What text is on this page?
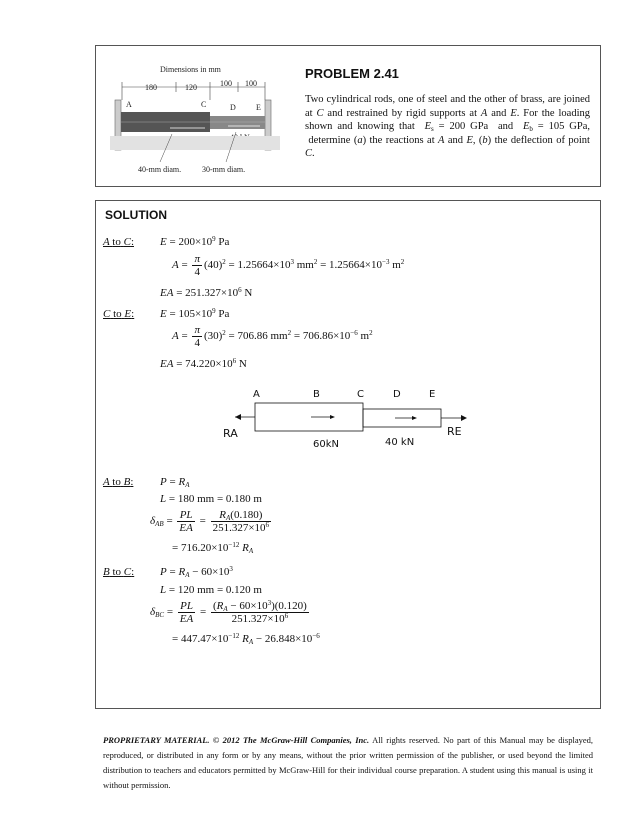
Dimensions in mm
180	120	100 100
A	C	D	E
40-mm diam.	30-mm diam.
PROBLEM 2.41
Two cylindrical rods, one of steel and the other of brass, are joined at C and restrained by rigid supports at A and E. For the loading shown and knowing that  $E_s = 200$ GPa  and  $E_b = 105$ GPa,  determine (a) the reactions at A and E, (b) the deflection of point C.
SOLUTION
A to C: $E = 200\times 10^9$ Pa
$A = \frac{\pi}{4} (40)^2 = 1.25664\times 10^3$ $mm^2 = 1.25664\times 10^{-3}$ $m^2$
EA = $251.327\times 10^6$ N
C to E: $E = 105\times 10^9$ Pa
$A = \frac{\pi}{4} (30)^2 = 706.86$ $mm^2 = 706.86\times 10^{-6}$ $m^2$
EA = $74.220\times 10^6$ N
A	B	C	D	E
RA	RE
60kN	40 kN
A to B: $P = R_A$
L = 180 mm = 0.180 m
$\delta_{AB} = \frac{PL}{EA} = \frac{R_A(0.180)}{251.327\times 10^6}$
= $716.20\times 10^{-12}$ $R_A$
B to C: $P = R_A - 60\times 10^3$
L = 120 mm = 0.120 m
$\delta_{BC} = \frac{PL}{EA} = \frac{(R_A - 60\times 10^3)(0.120)}{251.327\times 10^6}$
= $447.47\times 10^{-12}$ $R_A - 26.848\times 10^{-6}$
PROPRIETARY MATERIAL. © 2012 The McGraw-Hill Companies, Inc. All rights reserved. No part of this Manual may be displayed, reproduced, or distributed in any form or by any means, without the prior written permission of the publisher, or used beyond the limited distribution to teachers and educators permitted by McGraw-Hill for their individual course preparation. A student using this manual is using it without permission.
